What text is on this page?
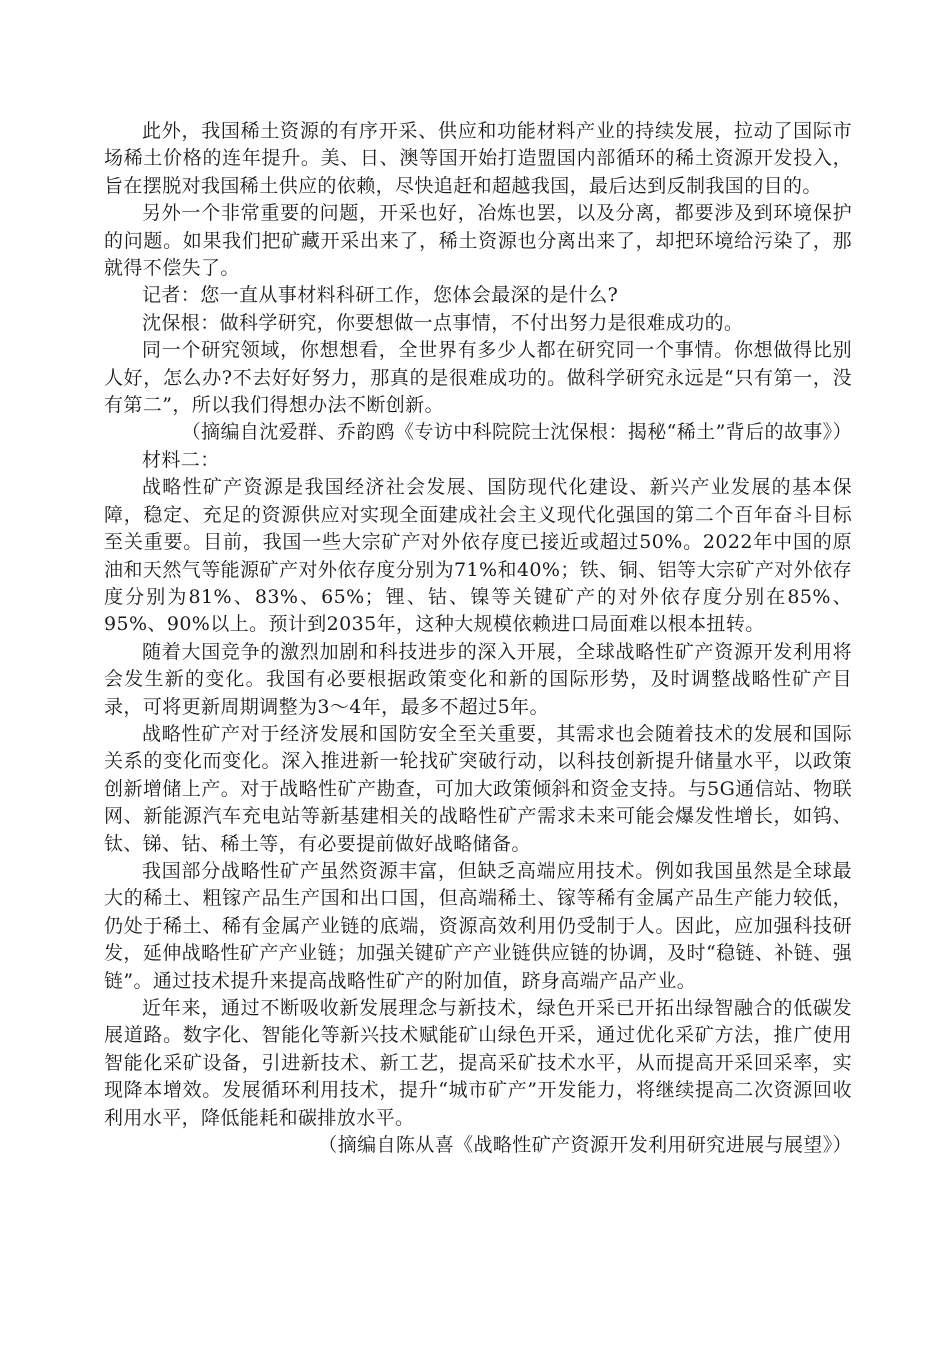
此外，我国稀土资源的有序开采、供应和功能材料产业的持续发展，拉动了国际市场稀土价格的连年提升。美、日、澳等国开始打造盟国内部循环的稀土资源开发投入，旨在摆脱对我国稀土供应的依赖，尽快追赶和超越我国，最后达到反制我国的目的。

另外一个非常重要的问题，开采也好，冶炼也罢，以及分离，都要涉及到环境保护的问题。如果我们把矿藏开采出来了，稀土资源也分离出来了，却把环境给污染了，那就得不偿失了。

记者：您一直从事材料科研工作，您体会最深的是什么?

沈保根：做科学研究，你要想做一点事情，不付出努力是很难成功的。

同一个研究领域，你想想看，全世界有多少人都在研究同一个事情。你想做得比别人好，怎么办?不去好好努力，那真的是很难成功的。做科学研究永远是“只有第一，没有第二”，所以我们得想办法不断创新。

（摘编自沈爱群、乔韵鸥《专访中科院院士沈保根：揭秘“稀土”背后的故事》）

材料二：

战略性矿产资源是我国经济社会发展、国防现代化建设、新兴产业发展的基本保障，稳定、充足的资源供应对实现全面建成社会主义现代化强国的第二个百年奋斗目标至关重要。目前，我国一些大宗矿产对外依存度已接近或超过50%。2022年中国的原油和天然气等能源矿产对外依存度分别为71%和40%；铁、铜、铝等大宗矿产对外依存度分别为81%、83%、65%；锂、钴、镍等关键矿产的对外依存度分别在85%、95%、90%以上。预计到2035年，这种大规模依赖进口局面难以根本扭转。

随着大国竞争的激烈加剧和科技进步的深入开展，全球战略性矿产资源开发利用将会发生新的变化。我国有必要根据政策变化和新的国际形势，及时调整战略性矿产目录，可将更新周期调整为3～4年，最多不超过5年。

战略性矿产对于经济发展和国防安全至关重要，其需求也会随着技术的发展和国际关系的变化而变化。深入推进新一轮找矿突破行动，以科技创新提升储量水平，以政策创新增储上产。对于战略性矿产勘查，可加大政策倾斜和资金支持。与5G通信站、物联网、新能源汽车充电站等新基建相关的战略性矿产需求未来可能会爆发性增长，如钨、钛、锑、钴、稀土等，有必要提前做好战略储备。

我国部分战略性矿产虽然资源丰富，但缺乏高端应用技术。例如我国虽然是全球最大的稀土、粗镓产品生产国和出口国，但高端稀土、镓等稀有金属产品生产能力较低，仍处于稀土、稀有金属产业链的底端，资源高效利用仍受制于人。因此，应加强科技研发，延伸战略性矿产产业链；加强关键矿产产业链供应链的协调，及时“稳链、补链、强链”。通过技术提升来提高战略性矿产的附加值，跻身高端产品产业。

近年来，通过不断吸收新发展理念与新技术，绿色开采已开拓出绿智融合的低碳发展道路。数字化、智能化等新兴技术赋能矿山绿色开采，通过优化采矿方法，推广使用智能化采矿设备，引进新技术、新工艺，提高采矿技术水平，从而提高开采回采率，实现降本增效。发展循环利用技术，提升“城市矿产”开发能力，将继续提高二次资源回收利用水平，降低能耗和碳排放水平。

（摘编自陈从喜《战略性矿产资源开发利用研究进展与展望》）
